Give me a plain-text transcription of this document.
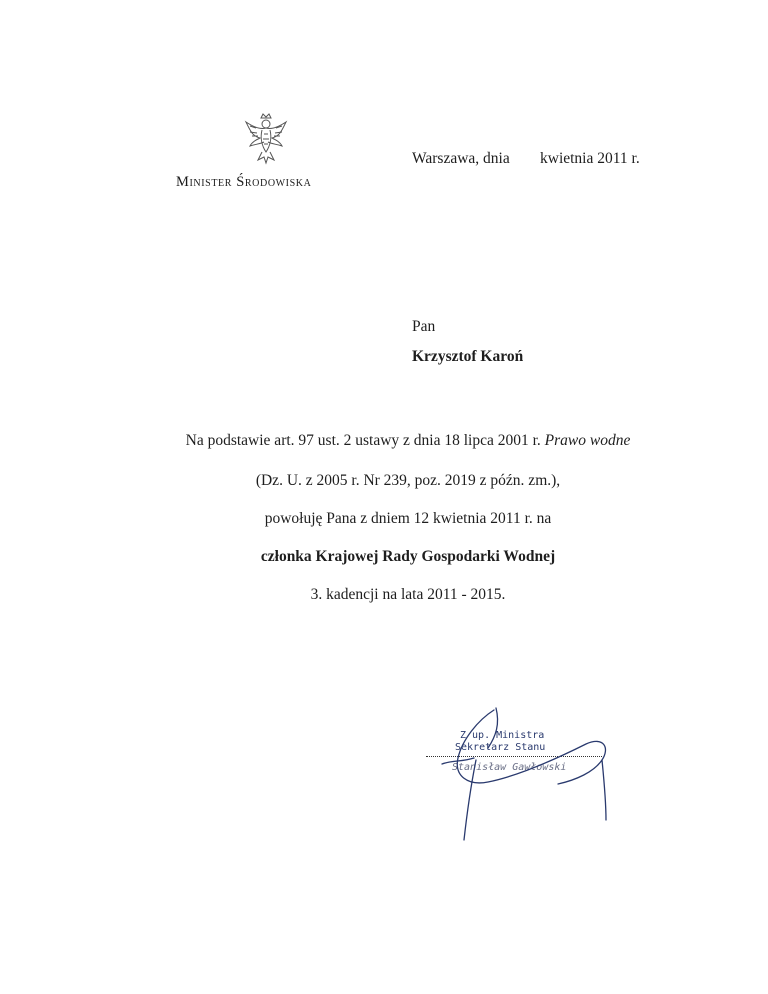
Minister Środowiska
Warszawa, dnia kwietnia 2011 r.
Pan
Krzysztof Karoń
Na podstawie art. 97 ust. 2 ustawy z dnia 18 lipca 2001 r. Prawo wodne
(Dz. U. z 2005 r. Nr 239, poz. 2019 z późn. zm.),
powołuję Pana z dniem 12 kwietnia 2011 r. na
członka Krajowej Rady Gospodarki Wodnej
3. kadencji na lata 2011 - 2015.
Z up. Ministra
Sekretarz Stanu
Stanisław Gawłowski
